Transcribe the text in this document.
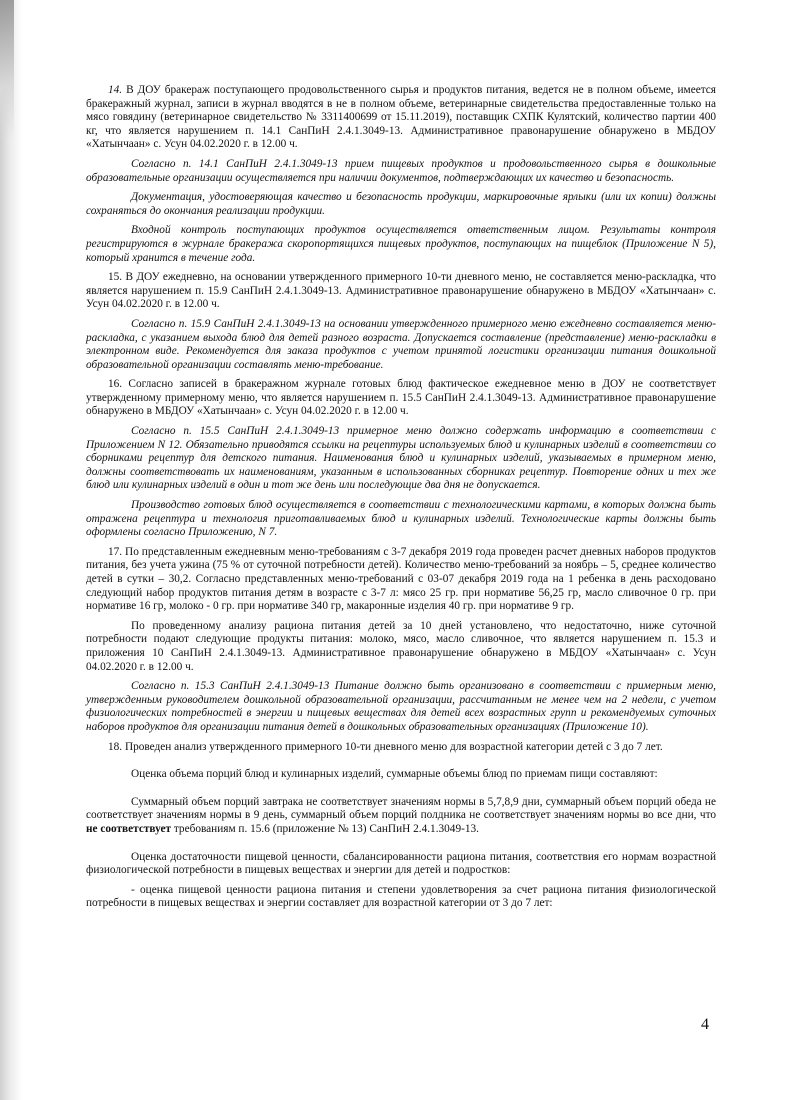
14. В ДОУ бракераж поступающего продовольственного сырья и продуктов питания, ведется не в полном объеме, имеется бракеражный журнал, записи в журнал вводятся в не в полном объеме, ветеринарные свидетельства предоставленные только на мясо говядину (ветеринарное свидетельство № 3311400699 от 15.11.2019), поставщик СХПК Кулятский, количество партии 400 кг, что является нарушением п. 14.1 СанПиН 2.4.1.3049-13. Административное правонарушение обнаружено в МБДОУ «Хатынчаан» с. Усун 04.02.2020 г. в 12.00 ч.

Согласно п. 14.1 СанПиН 2.4.1.3049-13 прием пищевых продуктов и продовольственного сырья в дошкольные образовательные организации осуществляется при наличии документов, подтверждающих их качество и безопасность.

Документация, удостоверяющая качество и безопасность продукции, маркировочные ярлыки (или их копии) должны сохраняться до окончания реализации продукции.

Входной контроль поступающих продуктов осуществляется ответственным лицом. Результаты контроля регистрируются в журнале бракеража скоропортящихся пищевых продуктов, поступающих на пищеблок (Приложение N 5), который хранится в течение года.

15. В ДОУ ежедневно, на основании утвержденного примерного 10-ти дневного меню, не составляется меню-раскладка, что является нарушением п. 15.9 СанПиН 2.4.1.3049-13. Административное правонарушение обнаружено в МБДОУ «Хатынчаан» с. Усун 04.02.2020 г. в 12.00 ч.

Согласно п. 15.9 СанПиН 2.4.1.3049-13 на основании утвержденного примерного меню ежедневно составляется меню-раскладка, с указанием выхода блюд для детей разного возраста. Допускается составление (представление) меню-раскладки в электронном виде. Рекомендуется для заказа продуктов с учетом принятой логистики организации питания дошкольной образовательной организации составлять меню-требование.

16. Согласно записей в бракеражном журнале готовых блюд фактическое ежедневное меню в ДОУ не соответствует утвержденному примерному меню, что является нарушением п. 15.5 СанПиН 2.4.1.3049-13. Административное правонарушение обнаружено в МБДОУ «Хатынчаан» с. Усун 04.02.2020 г. в 12.00 ч.

Согласно п. 15.5 СанПиН 2.4.1.3049-13 примерное меню должно содержать информацию в соответствии с Приложением N 12. Обязательно приводятся ссылки на рецептуры используемых блюд и кулинарных изделий в соответствии со сборниками рецептур для детского питания. Наименования блюд и кулинарных изделий, указываемых в примерном меню, должны соответствовать их наименованиям, указанным в использованных сборниках рецептур. Повторение одних и тех же блюд или кулинарных изделий в один и тот же день или последующие два дня не допускается.

Производство готовых блюд осуществляется в соответствии с технологическими картами, в которых должна быть отражена рецептура и технология приготавливаемых блюд и кулинарных изделий. Технологические карты должны быть оформлены согласно Приложению, N 7.

17. По представленным ежедневным меню-требованиям с 3-7 декабря 2019 года проведен расчет дневных наборов продуктов питания, без учета ужина (75 % от суточной потребности детей). Количество меню-требований за ноябрь – 5, среднее количество детей в сутки – 30,2. Согласно представленных меню-требований с 03-07 декабря 2019 года на 1 ребенка в день расходовано следующий набор продуктов питания детям в возрасте с 3-7 л: мясо 25 гр. при нормативе 56,25 гр, масло сливочное 0 гр. при нормативе 16 гр, молоко - 0 гр. при нормативе 340 гр, макаронные изделия 40 гр. при нормативе 9 гр.

По проведенному анализу рациона питания детей за 10 дней установлено, что недостаточно, ниже суточной потребности подают следующие продукты питания: молоко, мясо, масло сливочное, что является нарушением п. 15.3 и приложения 10 СанПиН 2.4.1.3049-13. Административное правонарушение обнаружено в МБДОУ «Хатынчаан» с. Усун 04.02.2020 г. в 12.00 ч.

Согласно п. 15.3 СанПиН 2.4.1.3049-13 Питание должно быть организовано в соответствии с примерным меню, утвержденным руководителем дошкольной образовательной организации, рассчитанным не менее чем на 2 недели, с учетом физиологических потребностей в энергии и пищевых веществах для детей всех возрастных групп и рекомендуемых суточных наборов продуктов для организации питания детей в дошкольных образовательных организациях (Приложение 10).

18. Проведен анализ утвержденного примерного 10-ти дневного меню для возрастной категории детей с 3 до 7 лет.

Оценка объема порций блюд и кулинарных изделий, суммарные объемы блюд по приемам пищи составляют:

Суммарный объем порций завтрака не соответствует значениям нормы в 5,7,8,9 дни, суммарный объем порций обеда не соответствует значениям нормы в 9 день, суммарный объем порций полдника не соответствует значениям нормы во все дни, что не соответствует требованиям п. 15.6 (приложение № 13) СанПиН 2.4.1.3049-13.

Оценка достаточности пищевой ценности, сбалансированности рациона питания, соответствия его нормам возрастной физиологической потребности в пищевых веществах и энергии для детей и подростков:

- оценка пищевой ценности рациона питания и степени удовлетворения за счет рациона питания физиологической потребности в пищевых веществах и энергии составляет для возрастной категории от 3 до 7 лет:

4
